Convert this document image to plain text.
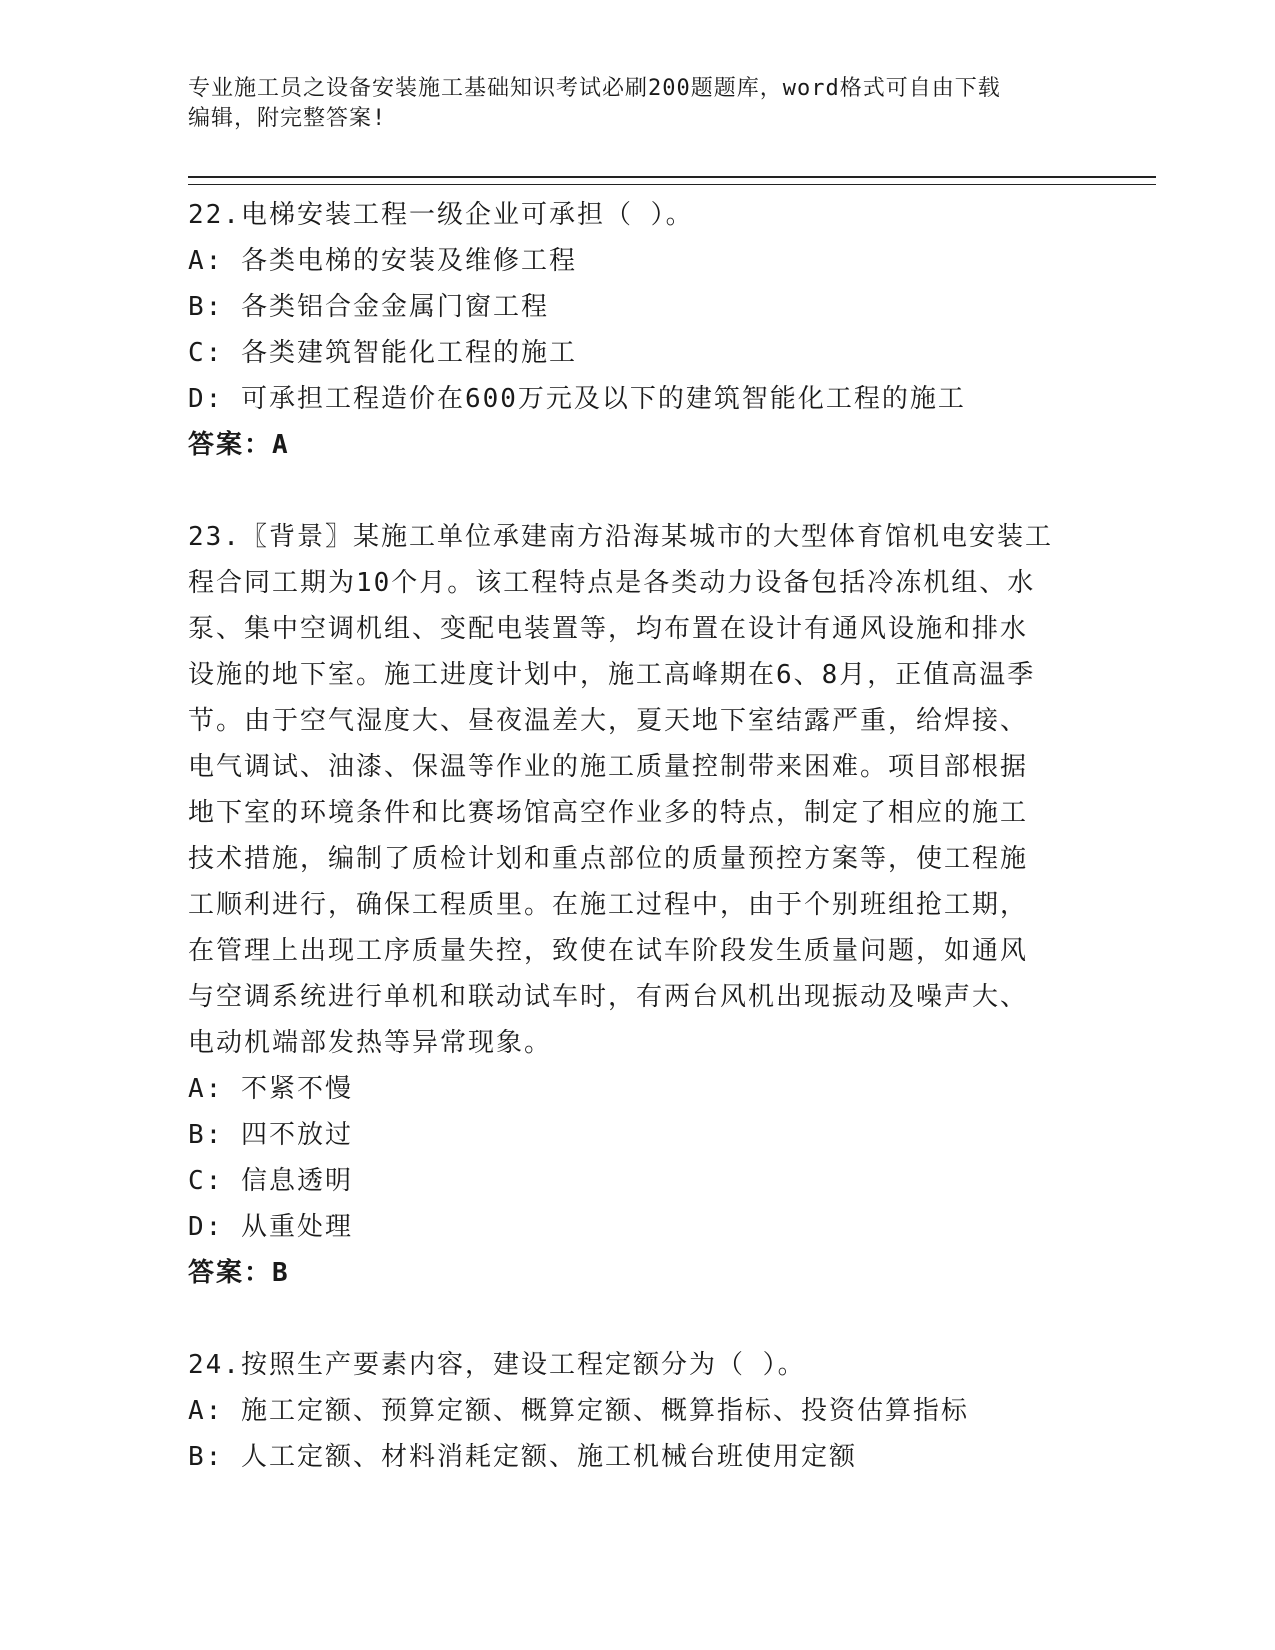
专业施工员之设备安装施工基础知识考试必刷200题题库，word格式可自由下载
编辑，附完整答案!
22.电梯安装工程一级企业可承担（ ）。
A: 各类电梯的安装及维修工程
B: 各类铝合金金属门窗工程
C: 各类建筑智能化工程的施工
D: 可承担工程造价在600万元及以下的建筑智能化工程的施工
答案：A
23.〖背景〗某施工单位承建南方沿海某城市的大型体育馆机电安装工
程合同工期为10个月。该工程特点是各类动力设备包括冷冻机组、水
泵、集中空调机组、变配电装置等，均布置在设计有通风设施和排水
设施的地下室。施工进度计划中，施工高峰期在6、8月，正值高温季
节。由于空气湿度大、昼夜温差大，夏天地下室结露严重，给焊接、
电气调试、油漆、保温等作业的施工质量控制带来困难。项目部根据
地下室的环境条件和比赛场馆高空作业多的特点，制定了相应的施工
技术措施，编制了质检计划和重点部位的质量预控方案等，使工程施
工顺利进行，确保工程质里。在施工过程中，由于个别班组抢工期，
在管理上出现工序质量失控，致使在试车阶段发生质量问题，如通风
与空调系统进行单机和联动试车时，有两台风机出现振动及噪声大、
电动机端部发热等异常现象。
A: 不紧不慢
B: 四不放过
C: 信息透明
D: 从重处理
答案：B
24.按照生产要素内容，建设工程定额分为（ ）。
A: 施工定额、预算定额、概算定额、概算指标、投资估算指标
B: 人工定额、材料消耗定额、施工机械台班使用定额
